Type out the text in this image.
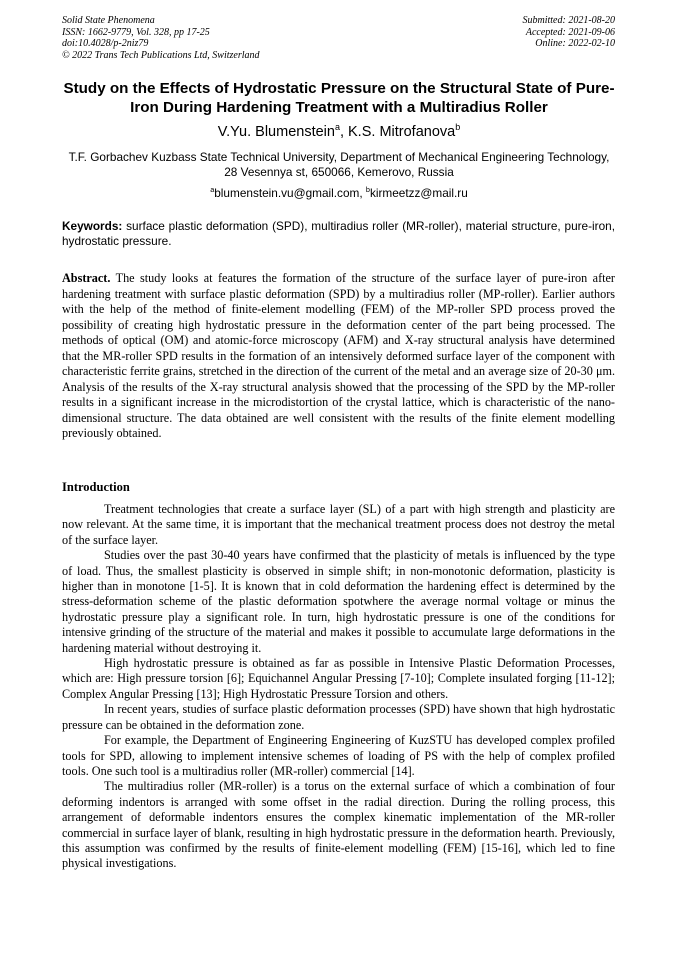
Solid State Phenomena
ISSN: 1662-9779, Vol. 328, pp 17-25
doi:10.4028/p-2niz79
© 2022 Trans Tech Publications Ltd, Switzerland
Submitted: 2021-08-20
Accepted: 2021-09-06
Online: 2022-02-10
Study on the Effects of Hydrostatic Pressure on the Structural State of Pure-Iron During Hardening Treatment with a Multiradius Roller
V.Yu. Blumenstein$^a$, K.S. Mitrofanova$^b$
T.F. Gorbachev Kuzbass State Technical University, Department of Mechanical Engineering Technology, 28 Vesennya st, 650066, Kemerovo, Russia
$^a$blumenstein.vu@gmail.com, $^b$kirmeetzz@mail.ru
Keywords: surface plastic deformation (SPD), multiradius roller (MR-roller), material structure, pure-iron, hydrostatic pressure.
Abstract. The study looks at features the formation of the structure of the surface layer of pure-iron after hardening treatment with surface plastic deformation (SPD) by a multiradius roller (MP-roller). Earlier authors with the help of the method of finite-element modelling (FEM) of the MP-roller SPD process proved the possibility of creating high hydrostatic pressure in the deformation center of the part being processed. The methods of optical (OM) and atomic-force microscopy (AFM) and X-ray structural analysis have determined that the MR-roller SPD results in the formation of an intensively deformed surface layer of the component with characteristic ferrite grains, stretched in the direction of the current of the metal and an average size of 20-30 μm. Analysis of the results of the X-ray structural analysis showed that the processing of the SPD by the MP-roller results in a significant increase in the microdistortion of the crystal lattice, which is characteristic of the nano-dimensional structure. The data obtained are well consistent with the results of the finite element modelling previously obtained.
Introduction

Treatment technologies that create a surface layer (SL) of a part with high strength and plasticity are now relevant. At the same time, it is important that the mechanical treatment process does not destroy the metal of the surface layer.

Studies over the past 30-40 years have confirmed that the plasticity of metals is influenced by the type of load. Thus, the smallest plasticity is observed in simple shift; in non-monotonic deformation, plasticity is higher than in monotone [1-5]. It is known that in cold deformation the hardening effect is determined by the stress-deformation scheme of the plastic deformation spotwhere the average normal voltage or minus the hydrostatic pressure play a significant role. In turn, high hydrostatic pressure is one of the conditions for intensive grinding of the structure of the material and makes it possible to accumulate large deformations in the hardening material without destroying it.

High hydrostatic pressure is obtained as far as possible in Intensive Plastic Deformation Processes, which are: High pressure torsion [6]; Equichannel Angular Pressing [7-10]; Complete insulated forging [11-12]; Complex Angular Pressing [13]; High Hydrostatic Pressure Torsion and others.

In recent years, studies of surface plastic deformation processes (SPD) have shown that high hydrostatic pressure can be obtained in the deformation zone.

For example, the Department of Engineering Engineering of KuzSTU has developed complex profiled tools for SPD, allowing to implement intensive schemes of loading of PS with the help of complex profiled tools. One such tool is a multiradius roller (MR-roller) commercial [14].

The multiradius roller (MR-roller) is a torus on the external surface of which a combination of four deforming indentors is arranged with some offset in the radial direction. During the rolling process, this arrangement of deformable indentors ensures the complex kinematic implementation of the MR-roller commercial in surface layer of blank, resulting in high hydrostatic pressure in the deformation hearth. Previously, this assumption was confirmed by the results of finite-element modelling (FEM) [15-16], which led to fine physical investigations.
